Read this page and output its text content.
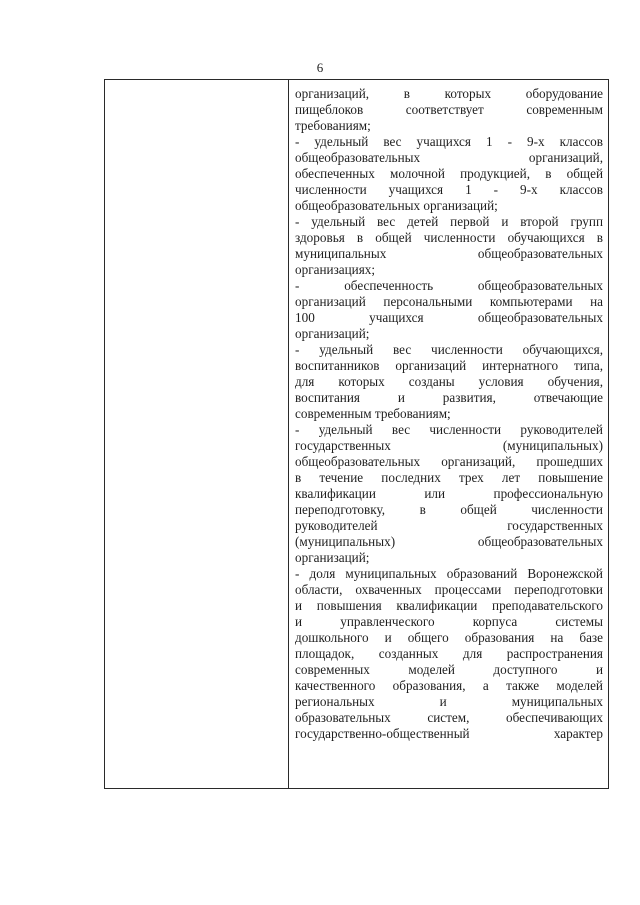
6
организаций, в которых оборудование
пищеблоков соответствует современным
требованиям;
- удельный вес учащихся 1 - 9-х классов
общеобразовательных организаций,
обеспеченных молочной продукцией, в общей
численности учащихся 1 - 9-х классов
общеобразовательных организаций;
- удельный вес детей первой и второй групп
здоровья в общей численности обучающихся в
муниципальных общеобразовательных
организациях;
- обеспеченность общеобразовательных
организаций персональными компьютерами на
100 учащихся общеобразовательных
организаций;
- удельный вес численности обучающихся,
воспитанников организаций интернатного типа,
для которых созданы условия обучения,
воспитания и развития, отвечающие
современным требованиям;
- удельный вес численности руководителей
государственных (муниципальных)
общеобразовательных организаций, прошедших
в течение последних трех лет повышение
квалификации или профессиональную
переподготовку, в общей численности
руководителей государственных
(муниципальных) общеобразовательных
организаций;
- доля муниципальных образований Воронежской
области, охваченных процессами переподготовки
и повышения квалификации преподавательского
и управленческого корпуса системы
дошкольного и общего образования на базе
площадок, созданных для распространения
современных моделей доступного и
качественного образования, а также моделей
региональных и муниципальных
образовательных систем, обеспечивающих
государственно-общественный характер
